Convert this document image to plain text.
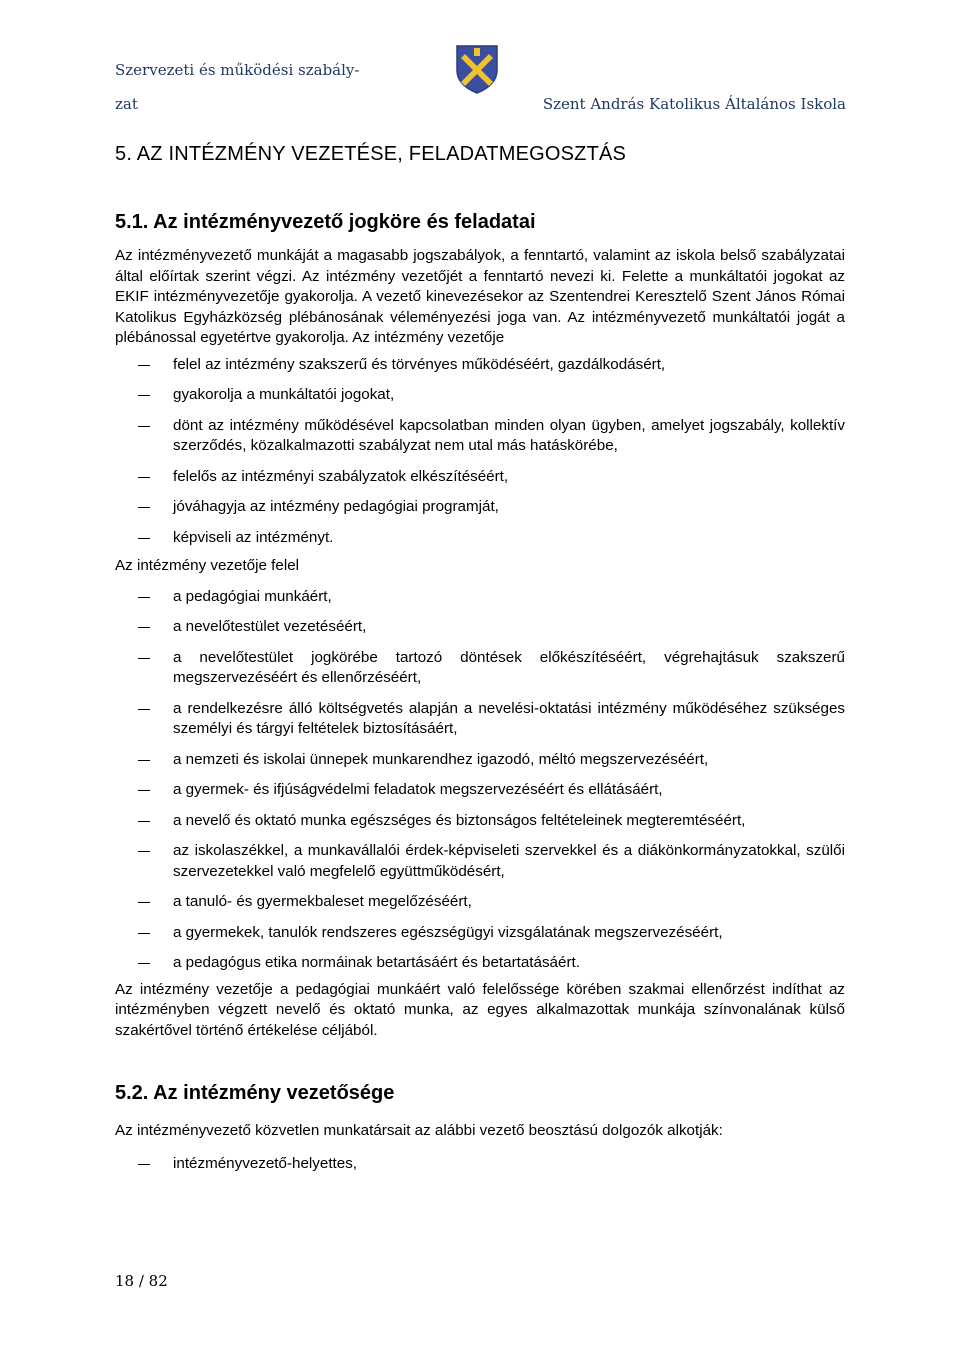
Szervezeti és működési szabály-
zat	Szent András Katolikus Általános Iskola
5. AZ INTÉZMÉNY VEZETÉSE, FELADATMEGOSZTÁS
5.1. Az intézményvezető jogköre és feladatai

Az intézményvezető munkáját a magasabb jogszabályok, a fenntartó, valamint az iskola belső szabályzatai által előírtak szerint végzi. Az intézmény vezetőjét a fenntartó nevezi ki. Felette a munkáltatói jogokat az EKIF intézményvezetője gyakorolja. A vezető kinevezésekor az Szentendrei Keresztelő Szent János Római Katolikus Egyházközség plébánosának véleményezési joga van. Az intézményvezető munkáltatói jogát a plébánossal egyetértve gyakorolja. Az intézmény vezetője

felel az intézmény szakszerű és törvényes működéséért, gazdálkodásért,
gyakorolja a munkáltatói jogokat,
dönt az intézmény működésével kapcsolatban minden olyan ügyben, amelyet jogszabály, kollektív szerződés, közalkalmazotti szabályzat nem utal más hatáskörébe,
felelős az intézményi szabályzatok elkészítéséért,
jóváhagyja az intézmény pedagógiai programját,
képviseli az intézményt.

Az intézmény vezetője felel

a pedagógiai munkáért,
a nevelőtestület vezetéséért,
a nevelőtestület jogkörébe tartozó döntések előkészítéséért, végrehajtásuk szakszerű megszervezéséért és ellenőrzéséért,
a rendelkezésre álló költségvetés alapján a nevelési-oktatási intézmény működéséhez szükséges személyi és tárgyi feltételek biztosításáért,
a nemzeti és iskolai ünnepek munkarendhez igazodó, méltó megszervezéséért,
a gyermek- és ifjúságvédelmi feladatok megszervezéséért és ellátásáért,
a nevelő és oktató munka egészséges és biztonságos feltételeinek megteremtéséért,
az iskolaszékkel, a munkavállalói érdek-képviseleti szervekkel és a diákönkormányzatokkal, szülői szervezetekkel való megfelelő együttműködésért,
a tanuló- és gyermekbaleset megelőzéséért,
a gyermekek, tanulók rendszeres egészségügyi vizsgálatának megszervezéséért,
a pedagógus etika normáinak betartásáért és betartatásáért.

Az intézmény vezetője a pedagógiai munkáért való felelőssége körében szakmai ellenőrzést indíthat az intézményben végzett nevelő és oktató munka, az egyes alkalmazottak munkája színvonalának külső szakértővel történő értékelése céljából.

5.2. Az intézmény vezetősége

Az intézményvezető közvetlen munkatársait az alábbi vezető beosztású dolgozók alkotják:

intézményvezető-helyettes,
18 / 82
